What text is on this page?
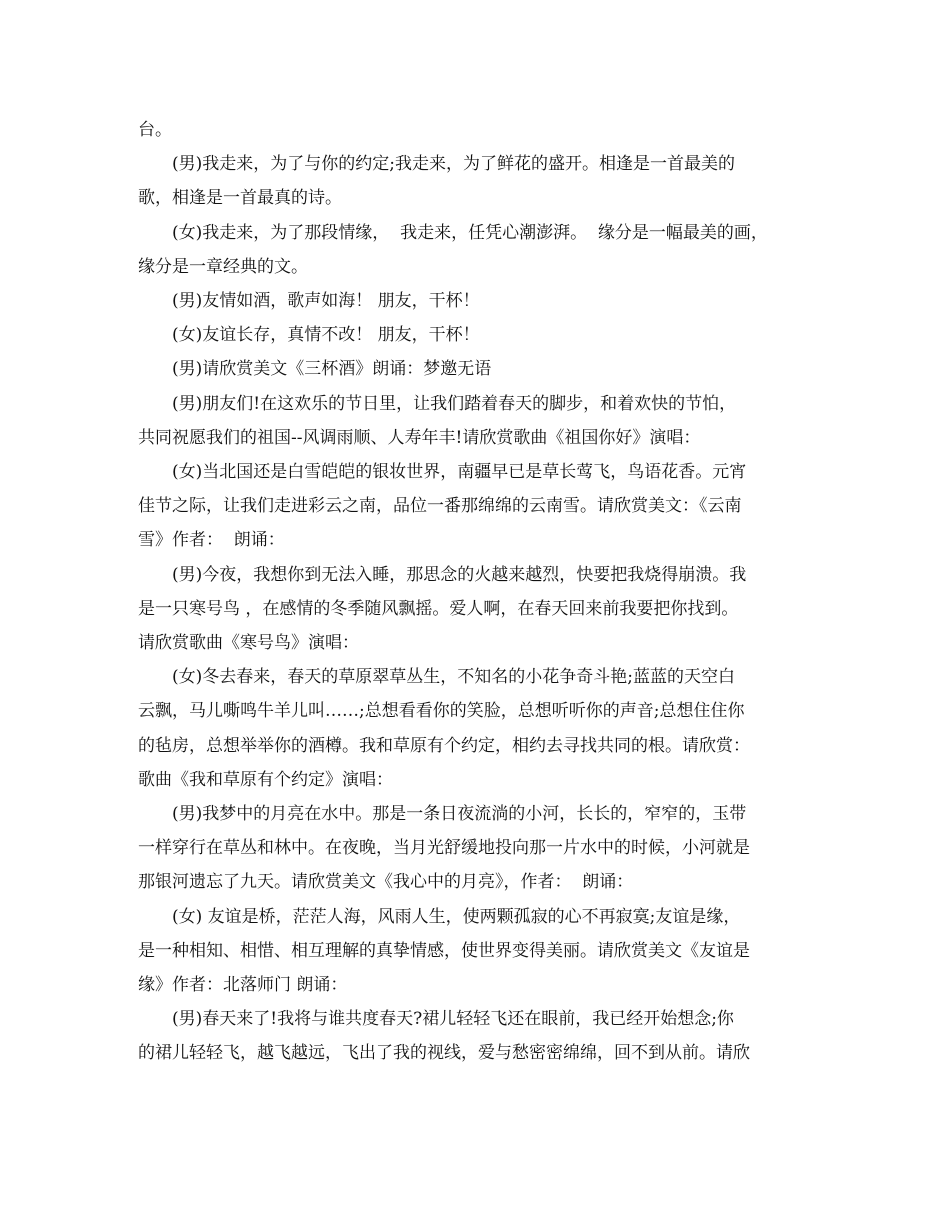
台。
(男)我走来，为了与你的约定;我走来，为了鲜花的盛开。相逢是一首最美的
歌，相逢是一首最真的诗。
(女)我走来，为了那段情缘，  我走来，任凭心潮澎湃。  缘分是一幅最美的画，
缘分是一章经典的文。
(男)友情如酒，歌声如海！ 朋友，干杯！
(女)友谊长存，真情不改！ 朋友，干杯！
(男)请欣赏美文《三杯酒》朗诵：梦邀无语
(男)朋友们!在这欢乐的节日里，让我们踏着春天的脚步，和着欢快的节怕，
共同祝愿我们的祖国--风调雨顺、人寿年丰!请欣赏歌曲《祖国你好》演唱：
(女)当北国还是白雪皑皑的银妆世界，南疆早已是草长莺飞，鸟语花香。元宵
佳节之际，让我们走进彩云之南，品位一番那绵绵的云南雪。请欣赏美文：《云南
雪》作者：  朗诵：
(男)今夜，我想你到无法入睡，那思念的火越来越烈，快要把我烧得崩溃。我
是一只寒号鸟 ，在感情的冬季随风飘摇。爱人啊，在春天回来前我要把你找到。
请欣赏歌曲《寒号鸟》演唱：
(女)冬去春来，春天的草原翠草丛生，不知名的小花争奇斗艳;蓝蓝的天空白
云飘，马儿嘶鸣牛羊儿叫……;总想看看你的笑脸，总想听听你的声音;总想住住你
的毡房，总想举举你的酒樽。我和草原有个约定，相约去寻找共同的根。请欣赏：
歌曲《我和草原有个约定》演唱：
(男)我梦中的月亮在水中。那是一条日夜流淌的小河，长长的，窄窄的，玉带
一样穿行在草丛和林中。在夜晚，当月光舒缓地投向那一片水中的时候，小河就是
那银河遗忘了九天。请欣赏美文《我心中的月亮》，作者：  朗诵：
(女) 友谊是桥，茫茫人海，风雨人生，使两颗孤寂的心不再寂寞;友谊是缘，
是一种相知、相惜、相互理解的真挚情感，使世界变得美丽。请欣赏美文《友谊是
缘》作者：北落师门 朗诵：
(男)春天来了!我将与谁共度春天?裙儿轻轻飞还在眼前，我已经开始想念;你
的裙儿轻轻飞，越飞越远，飞出了我的视线，爱与愁密密绵绵，回不到从前。请欣
